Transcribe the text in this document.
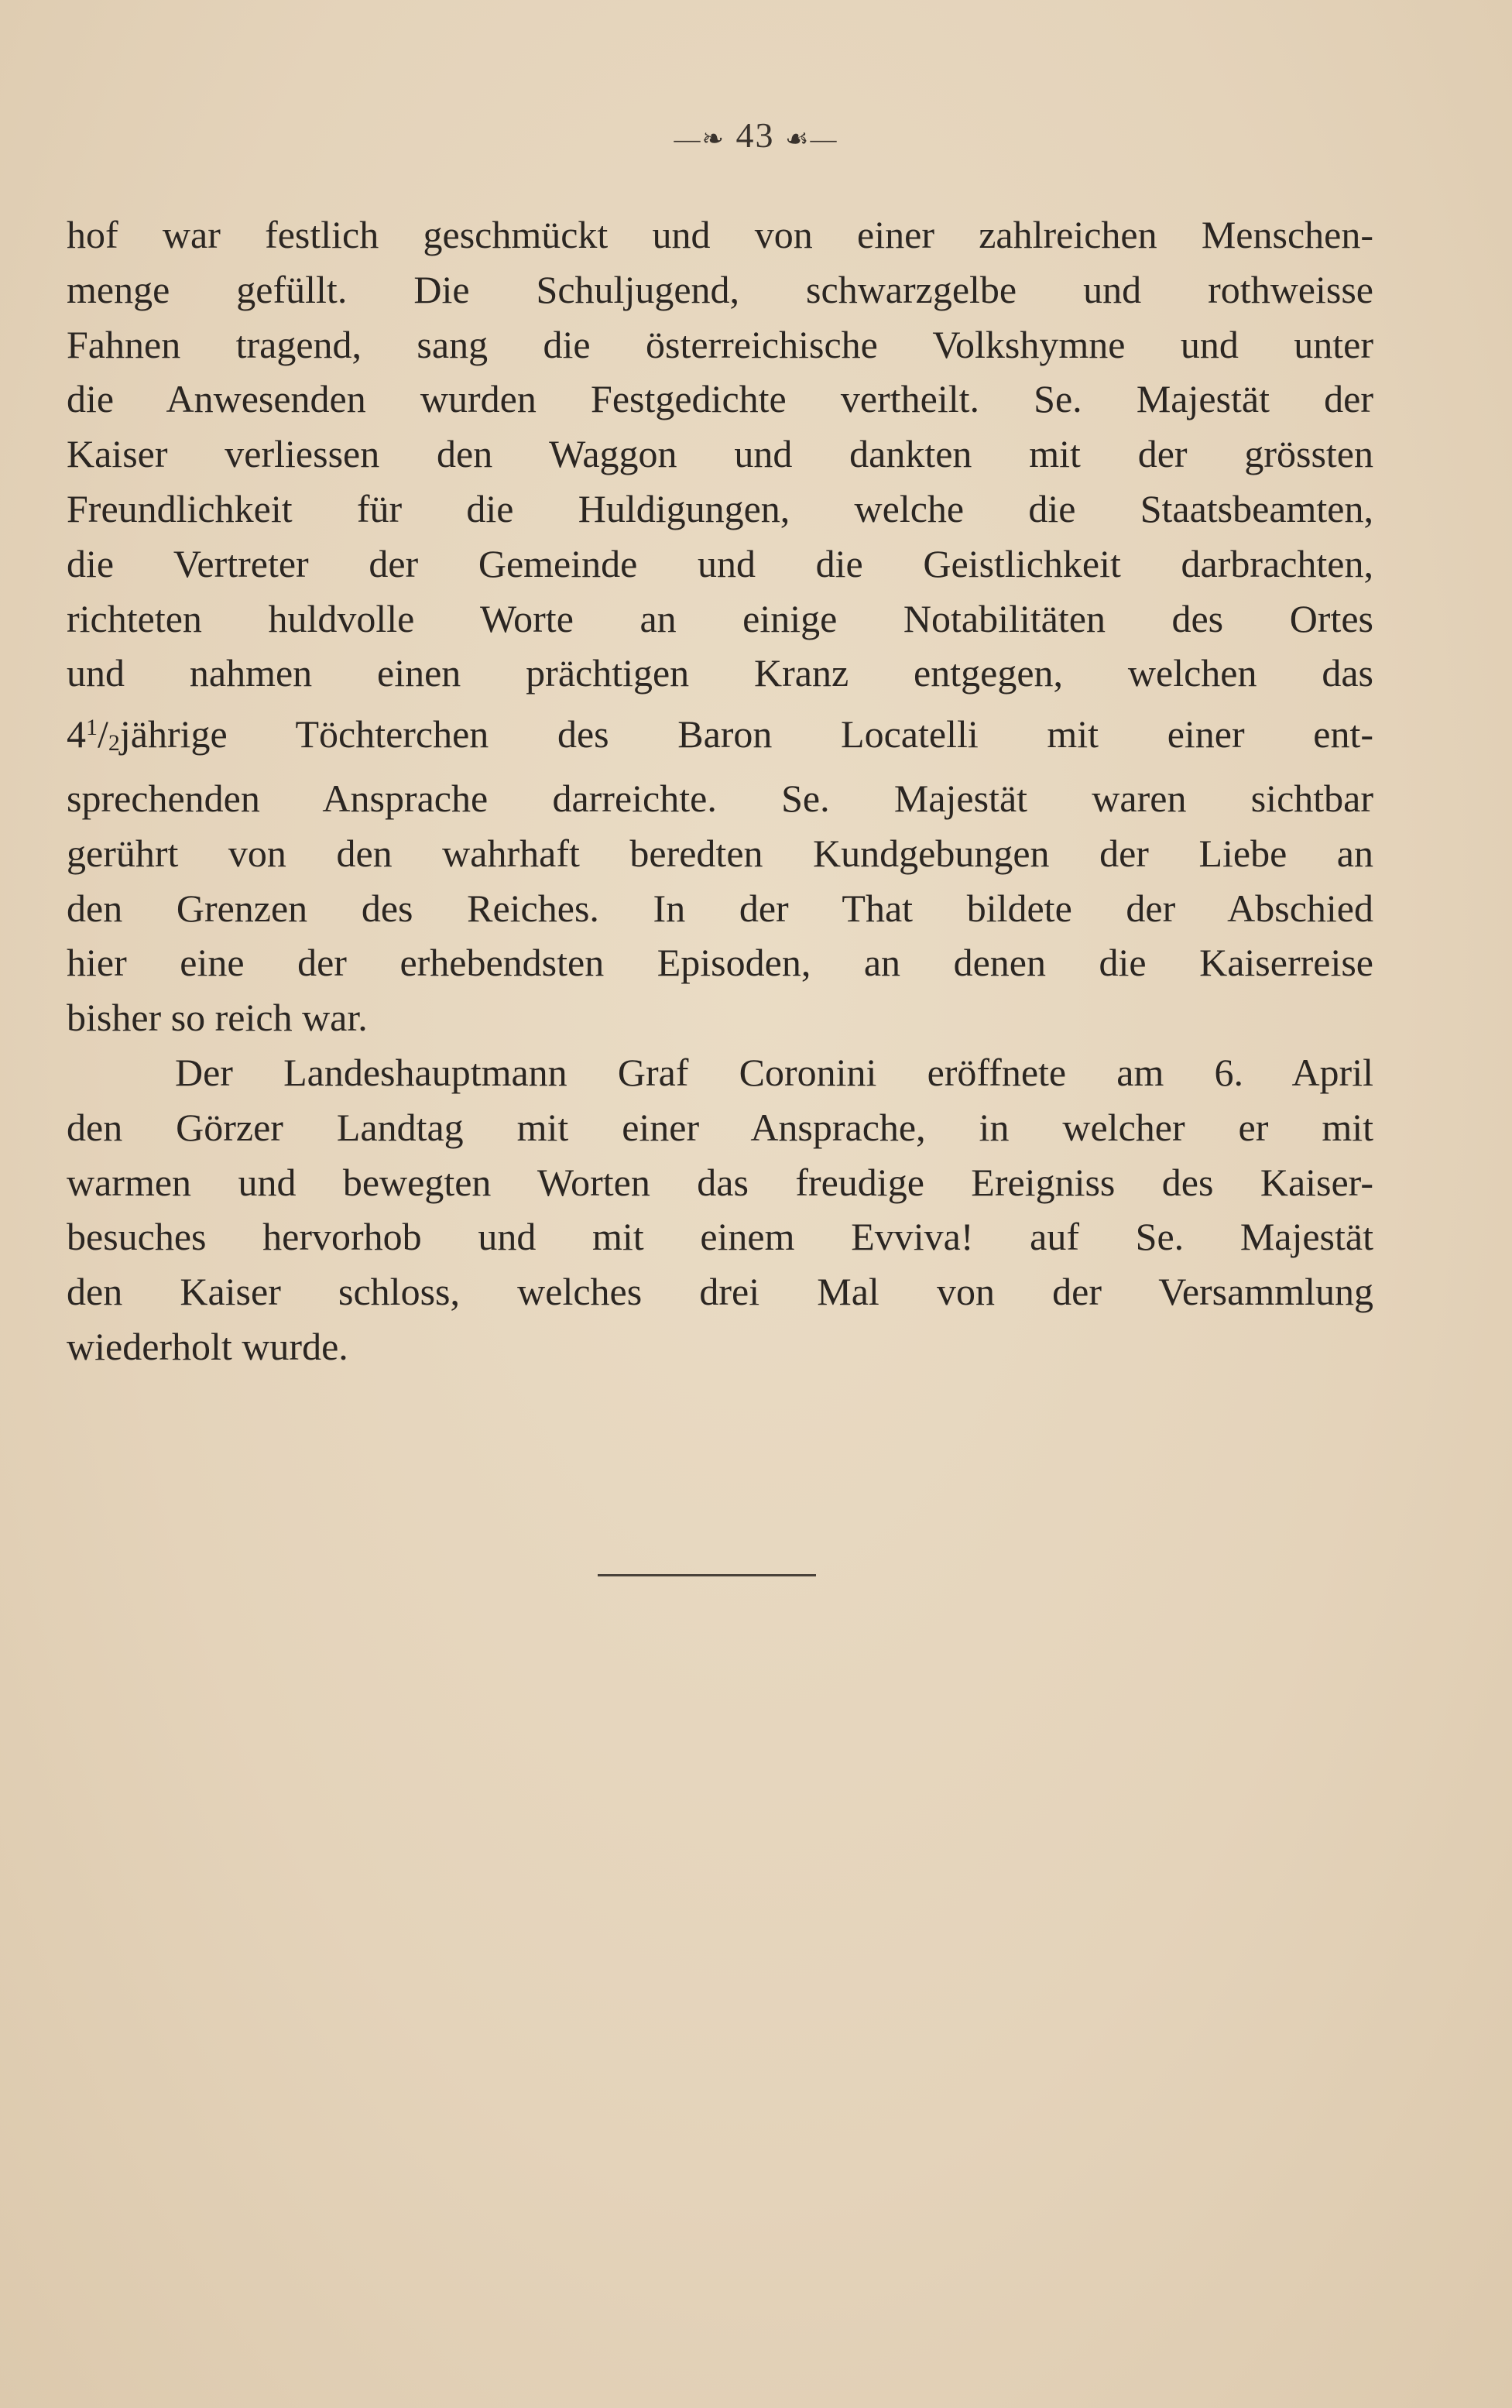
—❧ 43 ☙—

hof war festlich geschmückt und von einer zahlreichen Menschen-
menge gefüllt. Die Schuljugend, schwarzgelbe und rothweisse
Fahnen tragend, sang die österreichische Volkshymne und unter
die Anwesenden wurden Festgedichte vertheilt. Se. Majestät der
Kaiser verliessen den Waggon und dankten mit der grössten
Freundlichkeit für die Huldigungen, welche die Staatsbeamten,
die Vertreter der Gemeinde und die Geistlichkeit darbrachten,
richteten huldvolle Worte an einige Notabilitäten des Ortes
und nahmen einen prächtigen Kranz entgegen, welchen das
$4^1/_2jährige$ Töchterchen des Baron Locatelli mit einer ent-
sprechenden Ansprache darreichte. Se. Majestät waren sichtbar
gerührt von den wahrhaft beredten Kundgebungen der Liebe an
den Grenzen des Reiches. In der That bildete der Abschied
hier eine der erhebendsten Episoden, an denen die Kaiserreise
bisher so reich war.

Der Landeshauptmann Graf Coronini eröffnete am 6. April
den Görzer Landtag mit einer Ansprache, in welcher er mit
warmen und bewegten Worten das freudige Ereigniss des Kaiser-
besuches hervorhob und mit einem Evviva! auf Se. Majestät
den Kaiser schloss, welches drei Mal von der Versammlung
wiederholt wurde.
